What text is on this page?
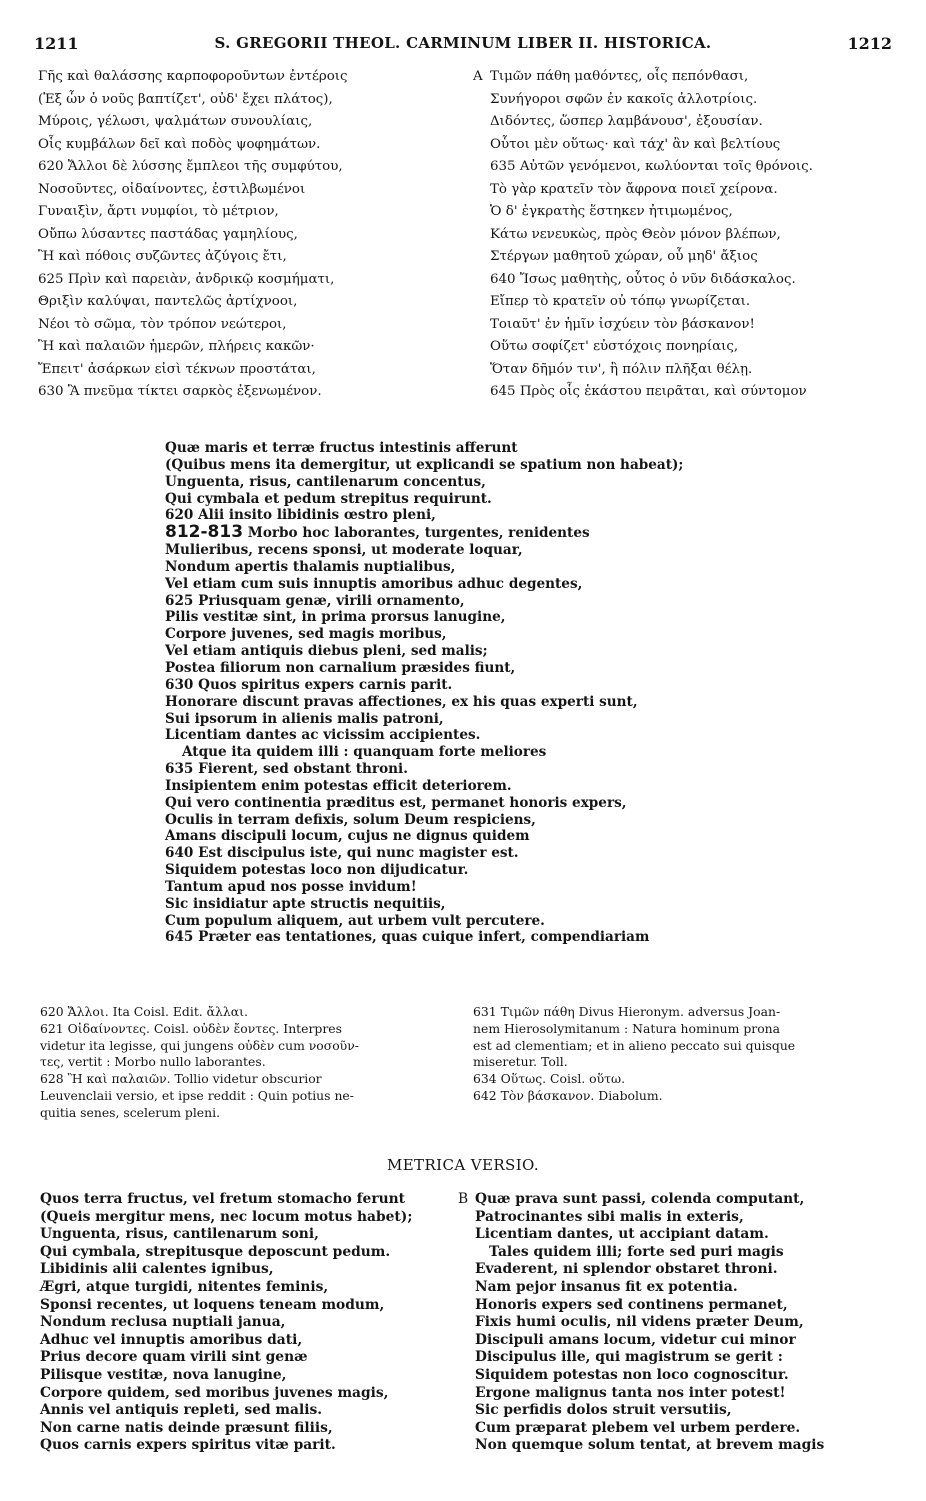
1211	S. GREGORII THEOL. CARMINUM LIBER II. HISTORICA.	1212
Γῆς καὶ θαλάσσης καρποφοροῦντων ἐντέροις
(Ἐξ ὧν ὁ νοῦς βαπτίζετ', οὐδ' ἔχει πλάτος),
Μύροις, γέλωσι, ψαλμάτων συνουλίαις,
Οἷς κυμβάλων δεῖ καὶ ποδὸς ψοφημάτων.
620 Ἄλλοι δὲ λύσσης ἔμπλεοι τῆς συμφύτου,
Νοσοῦντες, οἰδαίνοντες, ἐστιλβωμένοι
Γυναιξὶν, ἄρτι νυμφίοι, τὸ μέτριον,
Οὔπω λύσαντες παστάδας γαμηλίους,
Ἢ καὶ πόθοις συζῶντες ἀζύγοις ἔτι,
625 Πρὶν καὶ παρειὰν, ἀνδρικῷ κοσμήματι,
Θριξὶν καλύψαι, παντελῶς ἀρτίχνοοι,
Νέοι τὸ σῶμα, τὸν τρόπον νεώτεροι,
Ἢ καὶ παλαιῶν ἡμερῶν, πλήρεις κακῶν·
Ἔπειτ' ἀσάρκων εἰσὶ τέκνων προστάται,
630 Ἃ πνεῦμα τίκτει σαρκὸς ἐξενωμένον.
A Τιμῶν πάθη μαθόντες, οἷς πεπόνθασι,
Συνήγοροι σφῶν ἐν κακοῖς ἀλλοτρίοις.
Διδόντες, ὥσπερ λαμβάνουσ', ἐξουσίαν.
Οὗτοι μὲν οὕτως· καὶ τάχ' ἂν καὶ βελτίους
635 Αὐτῶν γενόμενοι, κωλύονται τοῖς θρόνοις.
Τὸ γὰρ κρατεῖν τὸν ἄφρονα ποιεῖ χείρονα.
Ὁ δ' ἐγκρατὴς ἕστηκεν ἠτιμωμένος,
Κάτω νενευκὼς, πρὸς Θεὸν μόνον βλέπων,
Στέργων μαθητοῦ χώραν, οὗ μηδ' ἄξιος
640 Ἴσως μαθητὴς, οὗτος ὁ νῦν διδάσκαλος.
Εἴπερ τὸ κρατεῖν οὐ τόπῳ γνωρίζεται.
Τοιαῦτ' ἐν ἡμῖν ἰσχύειν τὸν βάσκανον!
Οὕτω σοφίζετ' εὐστόχοις πονηρίαις,
Ὅταν δῆμόν τιν', ἢ πόλιν πλῆξαι θέλῃ.
645 Πρὸς οἷς ἑκάστου πειρᾶται, καὶ σύντομον
Quæ maris et terræ fructus intestinis afferunt
(Quibus mens ita demergitur, ut explicandi se spatium non habeat);
Unguenta, risus, cantilenarum concentus,
Qui cymbala et pedum strepitus requirunt.
620 Alii insito libidinis œstro pleni,
812-813 Morbo hoc laborantes, turgentes, renidentes
Mulieribus, recens sponsi, ut moderate loquar,
Nondum apertis thalamis nuptialibus,
Vel etiam cum suis innuptis amoribus adhuc degentes,
625 Priusquam genæ, virili ornamento,
Pilis vestitæ sint, in prima prorsus lanugine,
Corpore juvenes, sed magis moribus,
Vel etiam antiquis diebus pleni, sed malis;
Postea filiorum non carnalium præsides fiunt,
630 Quos spiritus expers carnis parit.
Honorare discunt pravas affectiones, ex his quas experti sunt,
Sui ipsorum in alienis malis patroni,
Licentiam dantes ac vicissim accipientes.
Atque ita quidem illi : quanquam forte meliores
635 Fierent, sed obstant throni.
Insipientem enim potestas efficit deteriorem.
Qui vero continentia præditus est, permanet honoris expers,
Oculis in terram defixis, solum Deum respiciens,
Amans discipuli locum, cujus ne dignus quidem
640 Est discipulus iste, qui nunc magister est.
Siquidem potestas loco non dijudicatur.
Tantum apud nos posse invidum!
Sic insidiatur apte structis nequitiis,
Cum populum aliquem, aut urbem vult percutere.
645 Præter eas tentationes, quas cuique infert, compendiariam
620 Ἄλλοι. Ita Coisl. Edit. ἄλλαι.
621 Οἰδαίνοντες. Coisl. οὐδὲν ἔοντες. Interpres
videtur ita legisse, qui jungens οὐδὲν cum νοσοῦν-
τες, vertit : Morbo nullo laborantes.
628 Ἢ καὶ παλαιῶν. Tollio videtur obscurior
Leuvenclaii versio, et ipse reddit : Quin potius ne-
quitia senes, scelerum pleni.
631 Τιμῶν πάθη Divus Hieronym. adversus Joan-
nem Hierosolymitanum : Natura hominum prona
est ad clementiam; et in alieno peccato sui quisque
miseretur. Toll.
634 Οὕτως. Coisl. οὕτω.
642 Τὸν βάσκανον. Diabolum.
METRICA VERSIO.
Quos terra fructus, vel fretum stomacho ferunt
(Queis mergitur mens, nec locum motus habet);
Unguenta, risus, cantilenarum soni,
Qui cymbala, strepitusque deposcunt pedum.
Libidinis alii calentes ignibus,
Ægri, atque turgidi, nitentes feminis,
Sponsi recentes, ut loquens teneam modum,
Nondum reclusa nuptiali janua,
Adhuc vel innuptis amoribus dati,
Prius decore quam virili sint genæ
Pilisque vestitæ, nova lanugine,
Corpore quidem, sed moribus juvenes magis,
Annis vel antiquis repleti, sed malis.
Non carne natis deinde præsunt filiis,
Quos carnis expers spiritus vitæ parit.
B Quæ prava sunt passi, colenda computant,
Patrocinantes sibi malis in exteris,
Licentiam dantes, ut accipiant datam.
Tales quidem illi; forte sed puri magis
Evaderent, ni splendor obstaret throni.
Nam pejor insanus fit ex potentia.
Honoris expers sed continens permanet,
Fixis humi oculis, nil videns præter Deum,
Discipuli amans locum, videtur cui minor
Discipulus ille, qui magistrum se gerit :
Siquidem potestas non loco cognoscitur.
Ergone malignus tanta nos inter potest!
Sic perfidis dolos struit versutiis,
Cum præparat plebem vel urbem perdere.
Non quemque solum tentat, at brevem magis
